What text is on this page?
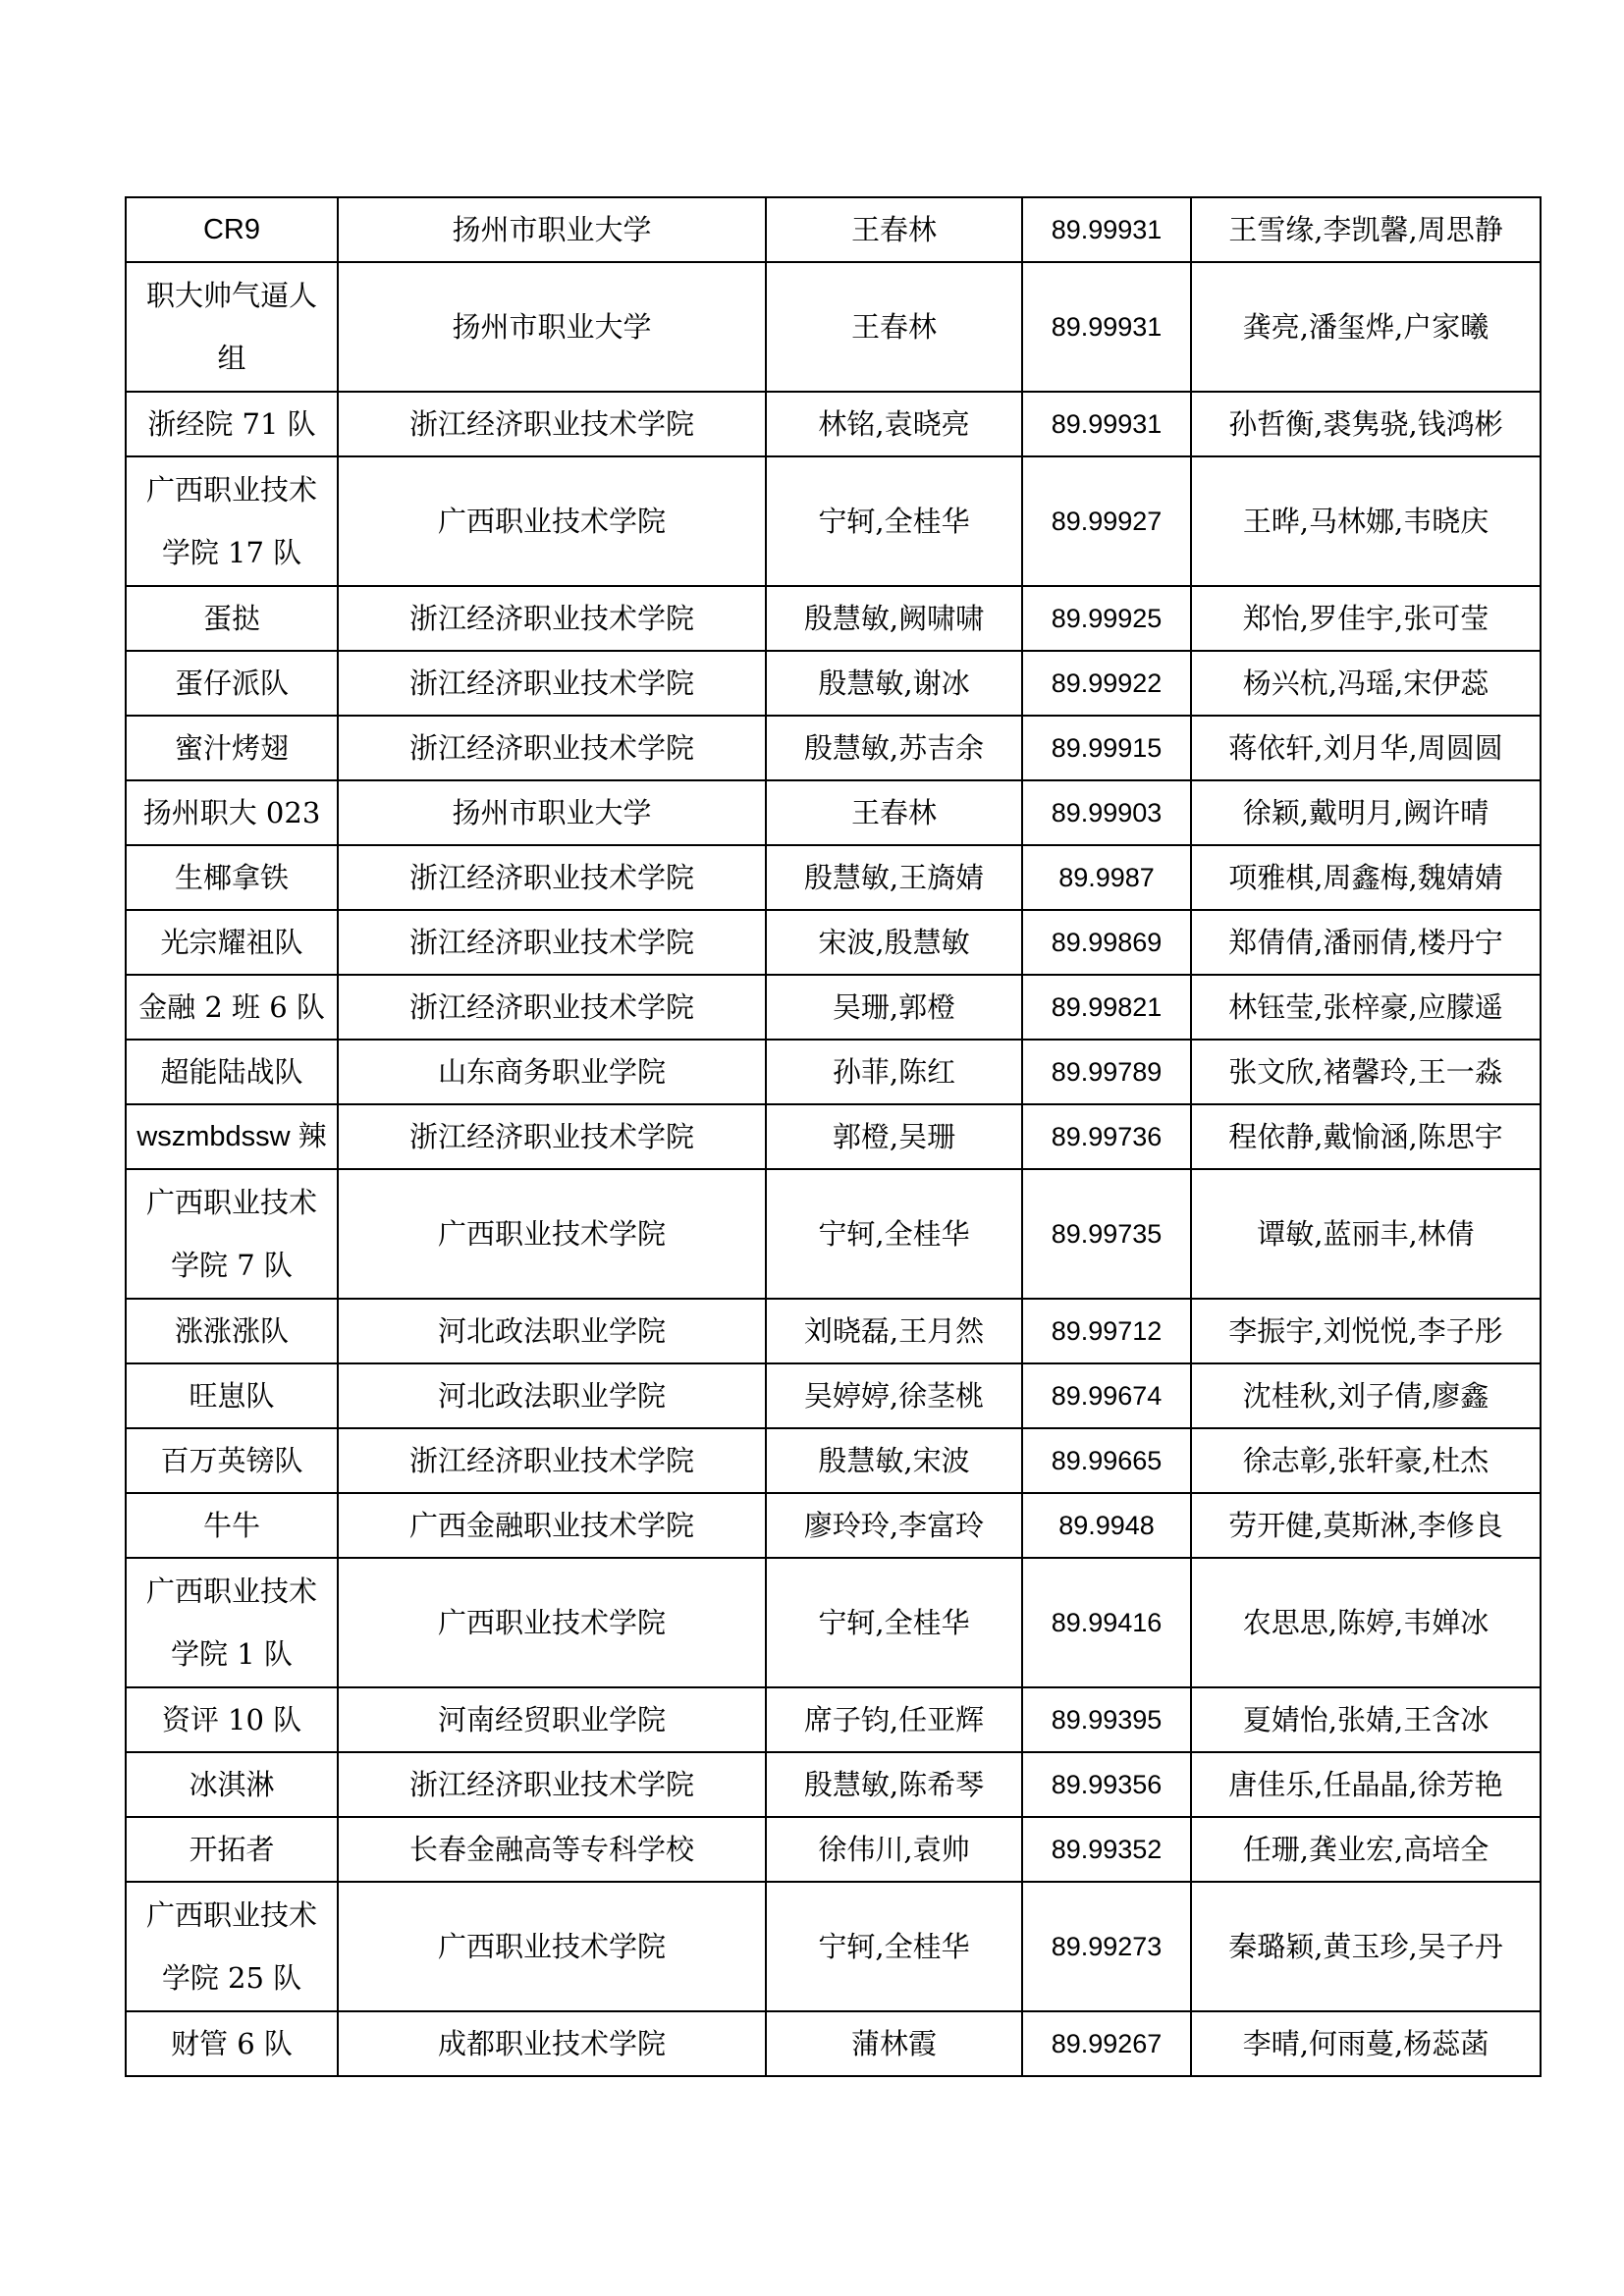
CR9	扬州市职业大学	王春林	89.99931	王雪缘,李凯馨,周思静
职大帅气逼人组	扬州市职业大学	王春林	89.99931	龚亮,潘玺烨,户家曦
浙经院 71 队	浙江经济职业技术学院	林铭,袁晓亮	89.99931	孙哲衡,裘隽骁,钱鸿彬
广西职业技术学院 17 队	广西职业技术学院	宁轲,全桂华	89.99927	王晔,马林娜,韦晓庆
蛋挞	浙江经济职业技术学院	殷慧敏,阙啸啸	89.99925	郑怡,罗佳宇,张可莹
蛋仔派队	浙江经济职业技术学院	殷慧敏,谢冰	89.99922	杨兴杭,冯瑶,宋伊蕊
蜜汁烤翅	浙江经济职业技术学院	殷慧敏,苏吉余	89.99915	蒋依轩,刘月华,周圆圆
扬州职大 023	扬州市职业大学	王春林	89.99903	徐颖,戴明月,阙许晴
生椰拿铁	浙江经济职业技术学院	殷慧敏,王旖婧	89.9987	项雅棋,周鑫梅,魏婧婧
光宗耀祖队	浙江经济职业技术学院	宋波,殷慧敏	89.99869	郑倩倩,潘丽倩,楼丹宁
金融 2 班 6 队	浙江经济职业技术学院	吴珊,郭橙	89.99821	林钰莹,张梓豪,应朦遥
超能陆战队	山东商务职业学院	孙菲,陈红	89.99789	张文欣,褚馨玲,王一淼
wszmbdssw 辣	浙江经济职业技术学院	郭橙,吴珊	89.99736	程依静,戴愉涵,陈思宇
广西职业技术学院 7 队	广西职业技术学院	宁轲,全桂华	89.99735	谭敏,蓝丽丰,林倩
涨涨涨队	河北政法职业学院	刘晓磊,王月然	89.99712	李振宇,刘悦悦,李子彤
旺崽队	河北政法职业学院	吴婷婷,徐茎桃	89.99674	沈桂秋,刘子倩,廖鑫
百万英镑队	浙江经济职业技术学院	殷慧敏,宋波	89.99665	徐志彰,张轩豪,杜杰
牛牛	广西金融职业技术学院	廖玲玲,李富玲	89.9948	劳开健,莫斯淋,李修良
广西职业技术学院 1 队	广西职业技术学院	宁轲,全桂华	89.99416	农思思,陈婷,韦婵冰
资评 10 队	河南经贸职业学院	席子钧,任亚辉	89.99395	夏婧怡,张婧,王含冰
冰淇淋	浙江经济职业技术学院	殷慧敏,陈希琴	89.99356	唐佳乐,任晶晶,徐芳艳
开拓者	长春金融高等专科学校	徐伟川,袁帅	89.99352	任珊,龚业宏,高培全
广西职业技术学院 25 队	广西职业技术学院	宁轲,全桂华	89.99273	秦璐颖,黄玉珍,吴子丹
财管 6 队	成都职业技术学院	蒲林霞	89.99267	李晴,何雨蔓,杨蕊菡
